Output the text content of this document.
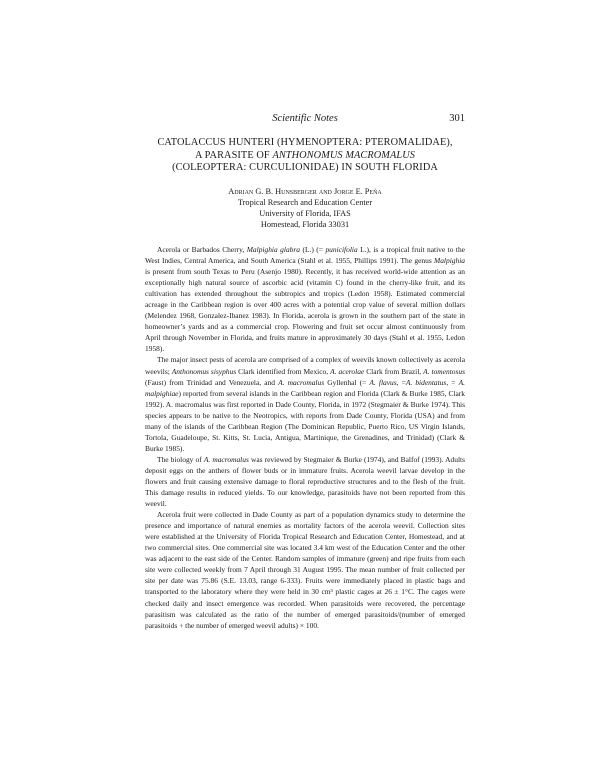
Scientific Notes	301
CATOLACCUS HUNTERI (HYMENOPTERA: PTEROMALIDAE),
A PARASITE OF ANTHONOMUS MACROMALUS
(COLEOPTERA: CURCULIONIDAE) IN SOUTH FLORIDA
Adrian G. B. Hunsberger and Jorge E. Peña
Tropical Research and Education Center
University of Florida, IFAS
Homestead, Florida 33031

Acerola or Barbados Cherry, Malpighia glabra (L.) (= punicifolia L.), is a tropical fruit native to the West Indies, Central America, and South America (Stahl et al. 1955, Phillips 1991). The genus Malpighia is present from south Texas to Peru (Asenjo 1980). Recently, it has received world-wide attention as an exceptionally high natural source of ascorbic acid (vitamin C) found in the cherry-like fruit, and its cultivation has extended throughout the subtropics and tropics (Ledon 1958). Estimated commercial acreage in the Caribbean region is over 400 acres with a potential crop value of several million dollars (Melendez 1968, Gonzalez-Ibanez 1983). In Florida, acerola is grown in the southern part of the state in homeowner’s yards and as a commercial crop. Flowering and fruit set occur almost continuously from April through November in Florida, and fruits mature in approximately 30 days (Stahl et al. 1955, Ledon 1958).

The major insect pests of acerola are comprised of a complex of weevils known collectively as acerola weevils; Anthonomus sisyphus Clark identified from Mexico, A. acerolae Clark from Brazil, A. tomentosus (Faust) from Trinidad and Venezuela, and A. macromalus Gyllenhal (= A. flavus, =A. bidentatus, = A. malpighiae) reported from several islands in the Caribbean region and Florida (Clark & Burke 1985, Clark 1992). A. macromalus was first reported in Dade County, Florida, in 1972 (Stegmaier & Burke 1974). This species appears to be native to the Neotropics, with reports from Dade County, Florida (USA) and from many of the islands of the Caribbean Region (The Dominican Republic, Puerto Rico, US Virgin Islands, Tortola, Guadeloupe, St. Kitts, St. Lucia, Antigua, Martinique, the Grenadines, and Trinidad) (Clark & Burke 1985).

The biology of A. macromalus was reviewed by Stegmaier & Burke (1974), and Balfof (1993). Adults deposit eggs on the anthers of flower buds or in immature fruits. Acerola weevil larvae develop in the flowers and fruit causing extensive damage to floral reproductive structures and to the flesh of the fruit. This damage results in reduced yields. To our knowledge, parasitoids have not been reported from this weevil.

Acerola fruit were collected in Dade County as part of a population dynamics study to determine the presence and importance of natural enemies as mortality factors of the acerola weevil. Collection sites were established at the University of Florida Tropical Research and Education Center, Homestead, and at two commercial sites. One commercial site was located 3.4 km west of the Education Center and the other was adjacent to the east side of the Center. Random samples of immature (green) and ripe fruits from each site were collected weekly from 7 April through 31 August 1995. The mean number of fruit collected per site per date was 75.86 (S.E. 13.03, range 6-333). Fruits were immediately placed in plastic bags and transported to the laboratory where they were held in 30 cm³ plastic cages at 26 ± 1°C. The cages were checked daily and insect emergence was recorded. When parasitoids were recovered, the percentage parasitism was calculated as the ratio of the number of emerged parasitoids/(number of emerged parasitoids + the number of emerged weevil adults) × 100.
